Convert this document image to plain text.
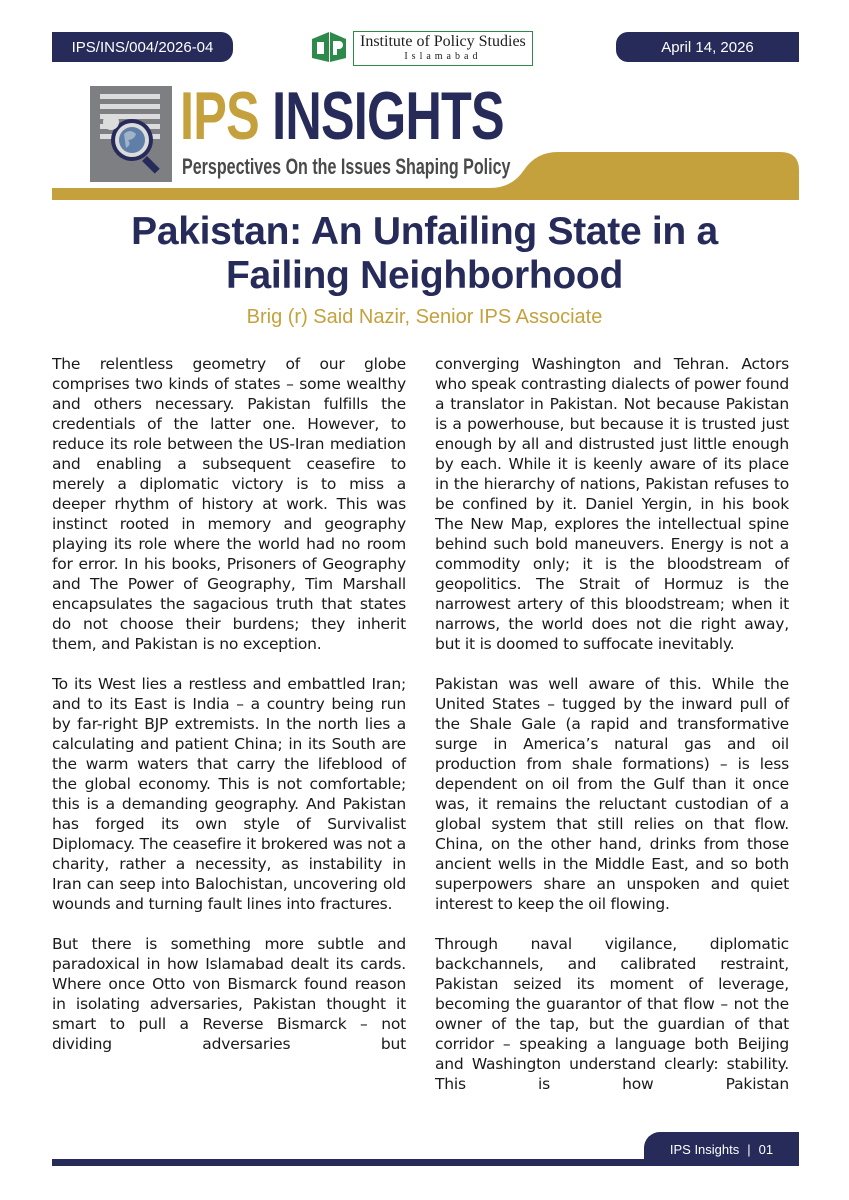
IPS/INS/004/2026-04	Institute of Policy Studies
Islamabad
April 14, 2026
IPS INSIGHTS
Perspectives On the Issues Shaping Policy
Pakistan: An Unfailing State in a
Failing Neighborhood
Brig (r) Said Nazir, Senior IPS Associate

The relentless geometry of our globe comprises two kinds of states – some wealthy and others necessary. Pakistan fulfills the credentials of the latter one. However, to reduce its role between the US-Iran mediation and enabling a subsequent ceasefire to merely a diplomatic victory is to miss a deeper rhythm of history at work. This was instinct rooted in memory and geography playing its role where the world had no room for error. In his books, Prisoners of Geography and The Power of Geography, Tim Marshall encapsulates the sagacious truth that states do not choose their burdens; they inherit them, and Pakistan is no exception.

To its West lies a restless and embattled Iran; and to its East is India – a country being run by far-right BJP extremists. In the north lies a calculating and patient China; in its South are the warm waters that carry the lifeblood of the global economy. This is not comfortable; this is a demanding geography. And Pakistan has forged its own style of Survivalist Diplomacy. The ceasefire it brokered was not a charity, rather a necessity, as instability in Iran can seep into Balochistan, uncovering old wounds and turning fault lines into fractures.

But there is something more subtle and paradoxical in how Islamabad dealt its cards. Where once Otto von Bismarck found reason in isolating adversaries, Pakistan thought it smart to pull a Reverse Bismarck – not dividing adversaries but

converging Washington and Tehran. Actors who speak contrasting dialects of power found a translator in Pakistan. Not because Pakistan is a powerhouse, but because it is trusted just enough by all and distrusted just little enough by each. While it is keenly aware of its place in the hierarchy of nations, Pakistan refuses to be confined by it. Daniel Yergin, in his book The New Map, explores the intellectual spine behind such bold maneuvers. Energy is not a commodity only; it is the bloodstream of geopolitics. The Strait of Hormuz is the narrowest artery of this bloodstream; when it narrows, the world does not die right away, but it is doomed to suffocate inevitably.

Pakistan was well aware of this. While the United States – tugged by the inward pull of the Shale Gale (a rapid and transformative surge in America’s natural gas and oil production from shale formations) – is less dependent on oil from the Gulf than it once was, it remains the reluctant custodian of a global system that still relies on that flow. China, on the other hand, drinks from those ancient wells in the Middle East, and so both superpowers share an unspoken and quiet interest to keep the oil flowing.

Through naval vigilance, diplomatic backchannels, and calibrated restraint, Pakistan seized its moment of leverage, becoming the guarantor of that flow – not the owner of the tap, but the guardian of that corridor – speaking a language both Beijing and Washington understand clearly: stability. This is how Pakistan

IPS Insights | 01
